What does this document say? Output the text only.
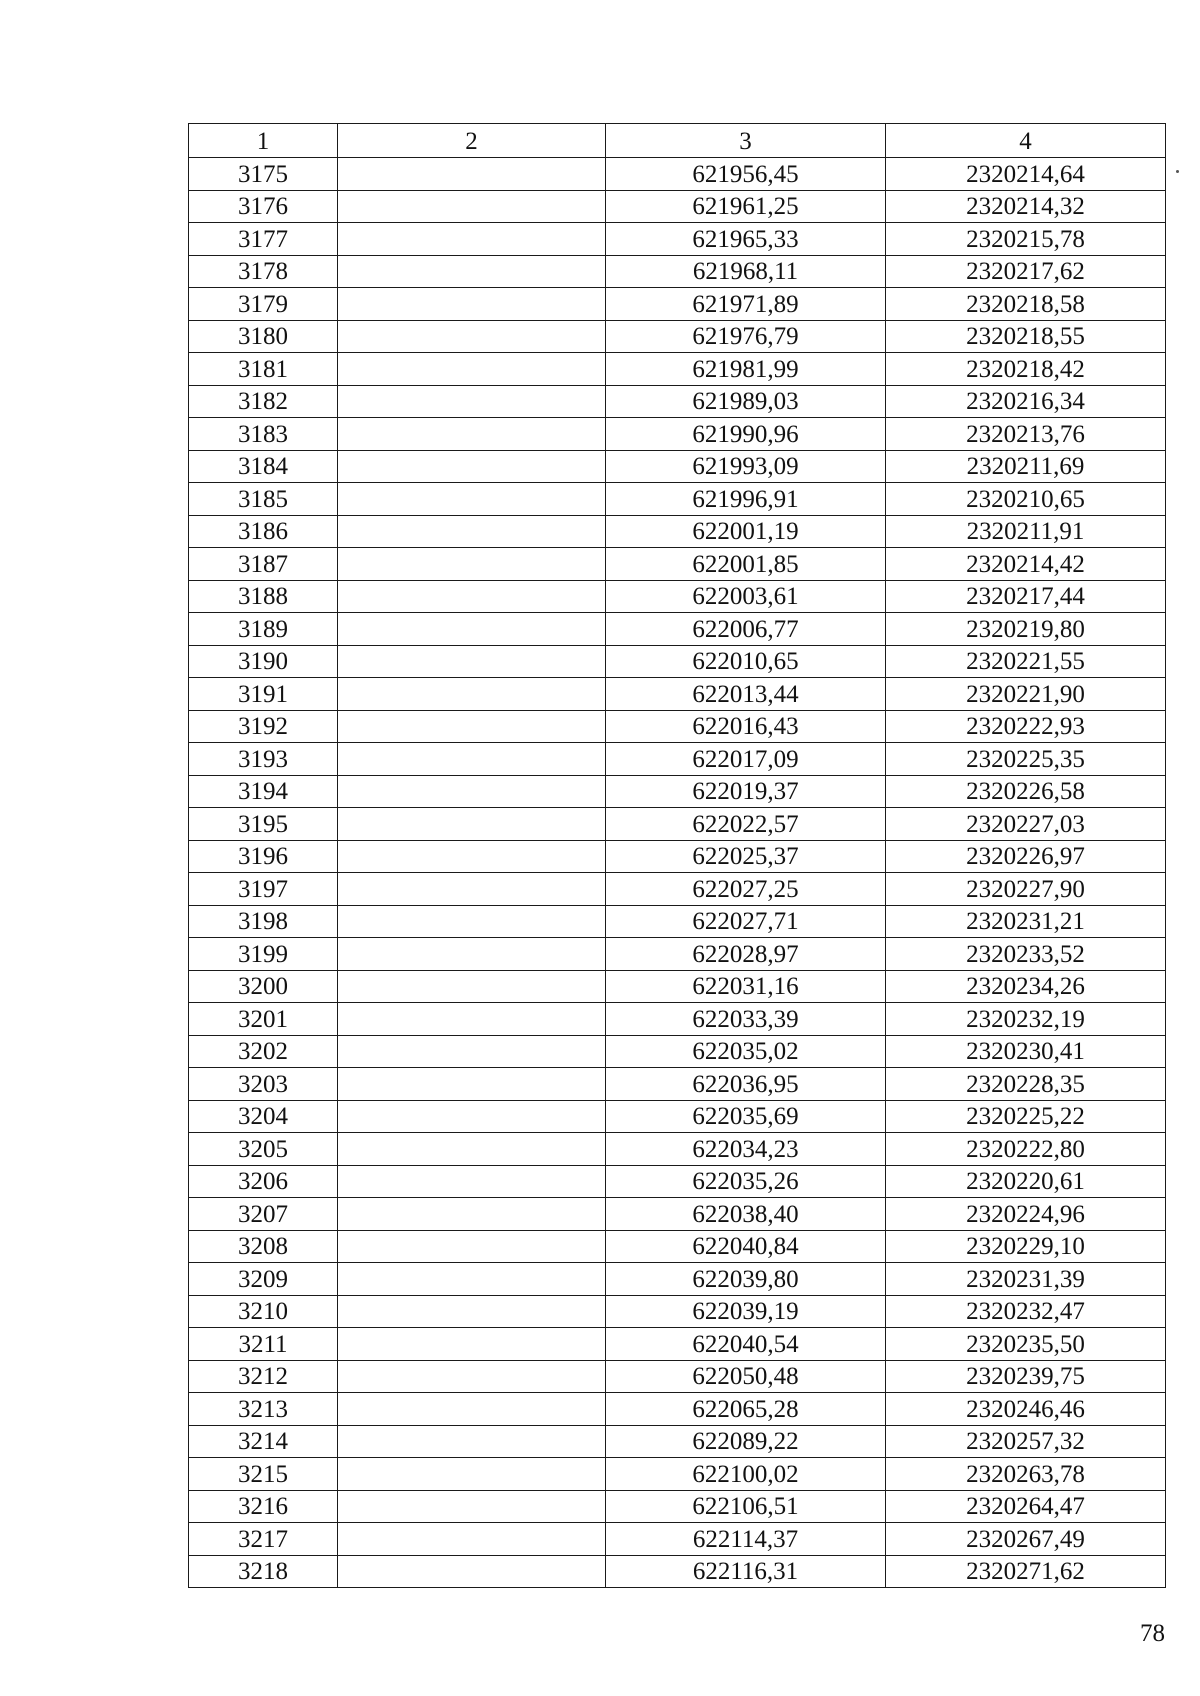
1	2	3	4
3175		621956,45	2320214,64
3176		621961,25	2320214,32
3177		621965,33	2320215,78
3178		621968,11	2320217,62
3179		621971,89	2320218,58
3180		621976,79	2320218,55
3181		621981,99	2320218,42
3182		621989,03	2320216,34
3183		621990,96	2320213,76
3184		621993,09	2320211,69
3185		621996,91	2320210,65
3186		622001,19	2320211,91
3187		622001,85	2320214,42
3188		622003,61	2320217,44
3189		622006,77	2320219,80
3190		622010,65	2320221,55
3191		622013,44	2320221,90
3192		622016,43	2320222,93
3193		622017,09	2320225,35
3194		622019,37	2320226,58
3195		622022,57	2320227,03
3196		622025,37	2320226,97
3197		622027,25	2320227,90
3198		622027,71	2320231,21
3199		622028,97	2320233,52
3200		622031,16	2320234,26
3201		622033,39	2320232,19
3202		622035,02	2320230,41
3203		622036,95	2320228,35
3204		622035,69	2320225,22
3205		622034,23	2320222,80
3206		622035,26	2320220,61
3207		622038,40	2320224,96
3208		622040,84	2320229,10
3209		622039,80	2320231,39
3210		622039,19	2320232,47
3211		622040,54	2320235,50
3212		622050,48	2320239,75
3213		622065,28	2320246,46
3214		622089,22	2320257,32
3215		622100,02	2320263,78
3216		622106,51	2320264,47
3217		622114,37	2320267,49
3218		622116,31	2320271,62
78
